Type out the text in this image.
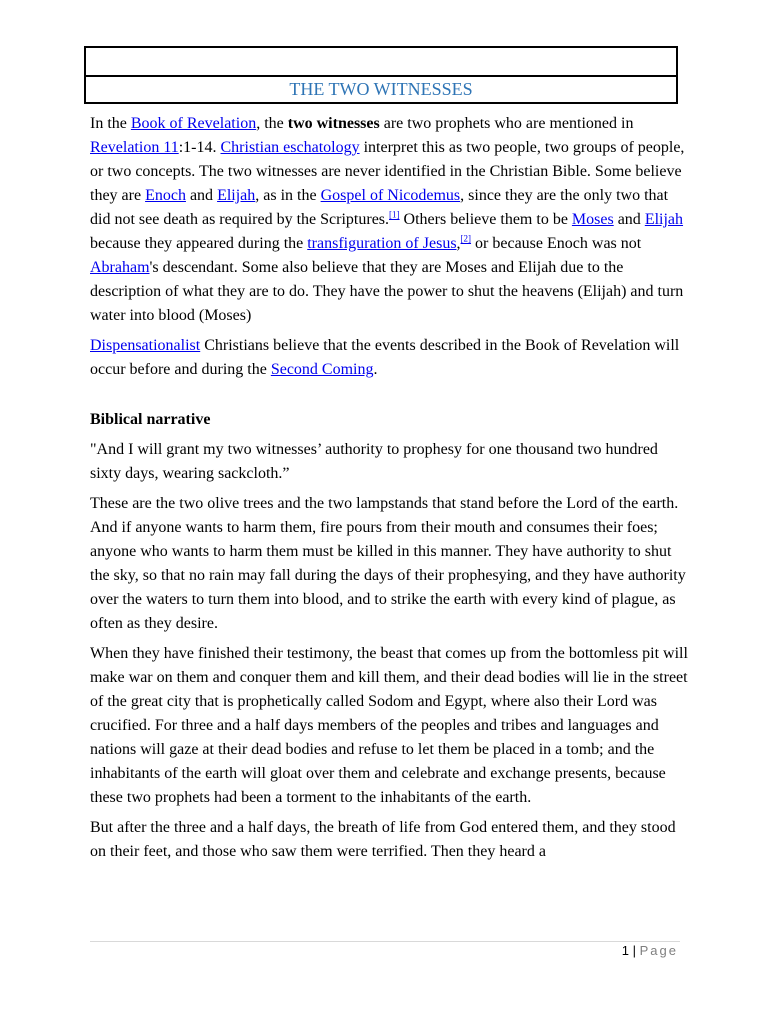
THE TWO WITNESSES

In the Book of Revelation, the two witnesses are two prophets who are mentioned in Revelation 11:1-14. Christian eschatology interpret this as two people, two groups of people, or two concepts. The two witnesses are never identified in the Christian Bible. Some believe they are Enoch and Elijah, as in the Gospel of Nicodemus, since they are the only two that did not see death as required by the Scriptures.[1] Others believe them to be Moses and Elijah because they appeared during the transfiguration of Jesus,[2] or because Enoch was not Abraham's descendant. Some also believe that they are Moses and Elijah due to the description of what they are to do. They have the power to shut the heavens (Elijah) and turn water into blood (Moses)

Dispensationalist Christians believe that the events described in the Book of Revelation will occur before and during the Second Coming.

Biblical narrative

"And I will grant my two witnesses’ authority to prophesy for one thousand two hundred sixty days, wearing sackcloth.”

These are the two olive trees and the two lampstands that stand before the Lord of the earth. And if anyone wants to harm them, fire pours from their mouth and consumes their foes; anyone who wants to harm them must be killed in this manner. They have authority to shut the sky, so that no rain may fall during the days of their prophesying, and they have authority over the waters to turn them into blood, and to strike the earth with every kind of plague, as often as they desire.

When they have finished their testimony, the beast that comes up from the bottomless pit will make war on them and conquer them and kill them, and their dead bodies will lie in the street of the great city that is prophetically called Sodom and Egypt, where also their Lord was crucified. For three and a half days members of the peoples and tribes and languages and nations will gaze at their dead bodies and refuse to let them be placed in a tomb; and the inhabitants of the earth will gloat over them and celebrate and exchange presents, because these two prophets had been a torment to the inhabitants of the earth.

But after the three and a half days, the breath of life from God entered them, and they stood on their feet, and those who saw them were terrified. Then they heard a

1 | Page
